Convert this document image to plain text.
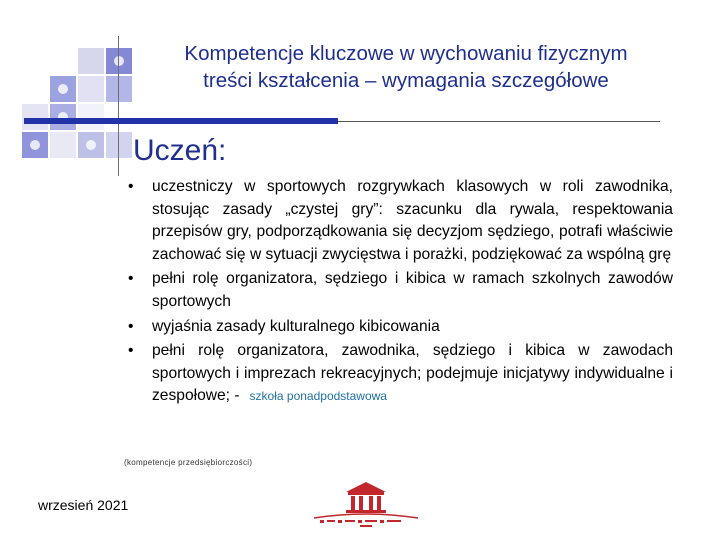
Kompetencje kluczowe w wychowaniu fizycznym
treści kształcenia – wymagania szczegółowe
Uczeń:
• uczestniczy w sportowych rozgrywkach klasowych w roli zawodnika, stosując zasady „czystej gry”: szacunku dla rywala, respektowania przepisów gry, podporządkowania się decyzjom sędziego, potrafi właściwie zachować się w sytuacji zwycięstwa i porażki, podziękować za wspólną grę
• pełni rolę organizatora, sędziego i kibica w ramach szkolnych zawodów sportowych
• wyjaśnia zasady kulturalnego kibicowania
• pełni rolę organizatora, zawodnika, sędziego i kibica w zawodach sportowych i imprezach rekreacyjnych; podejmuje inicjatywy indywidualne i zespołowe; - szkoła ponadpodstawowa
(kompetencje przedsiębiorczości)
wrzesień 2021
